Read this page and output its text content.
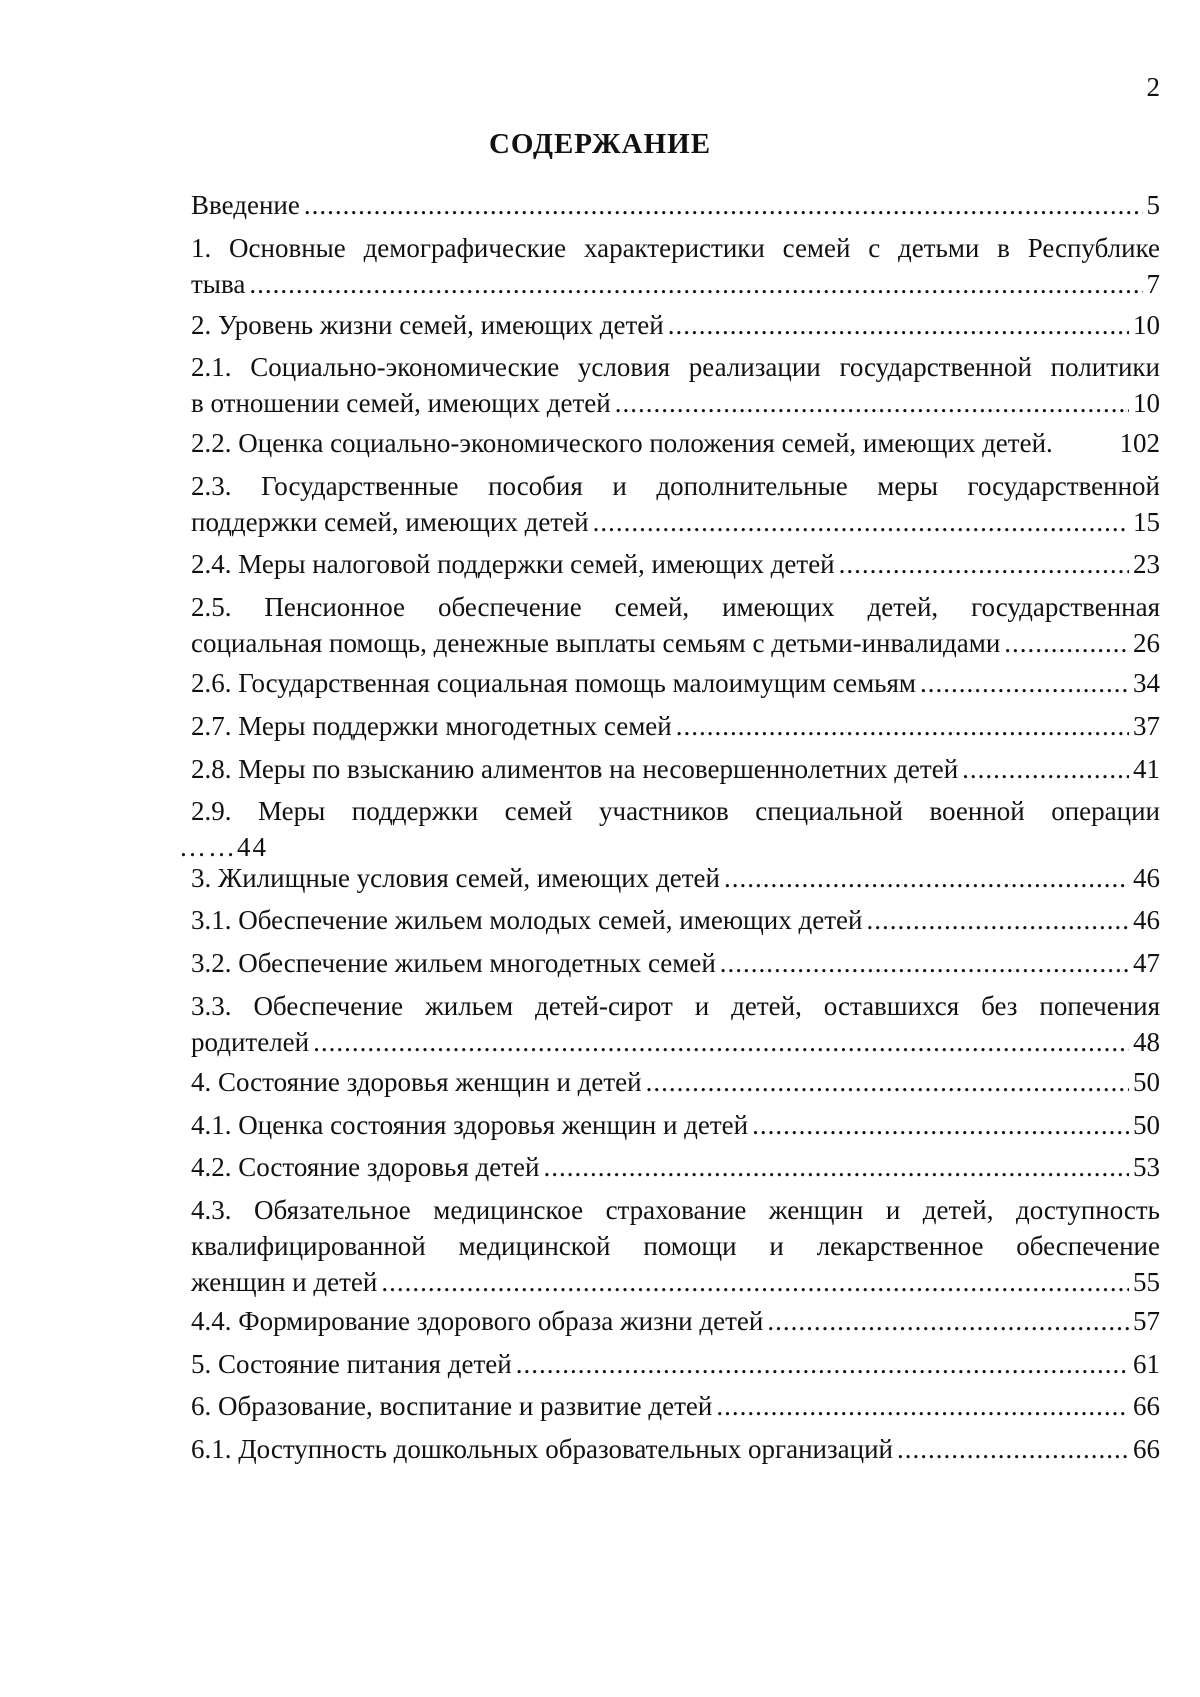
2
СОДЕРЖАНИЕ
Введение .....	5
1. Основные демографические характеристики семей с детьми в Республике
тыва .....	7
2. Уровень жизни семей, имеющих детей .....	10
2.1. Социально-экономические условия реализации государственной политики
в отношении семей, имеющих детей .....	10
2.2. Оценка социально-экономического положения семей, имеющих детей. 102
2.3. Государственные пособия и дополнительные меры государственной
поддержки семей, имеющих детей .....	15
2.4. Меры налоговой поддержки семей, имеющих детей .....	23
2.5. Пенсионное обеспечение семей, имеющих детей, государственная
социальная помощь, денежные выплаты семьям с детьми-инвалидами .....	26
2.6. Государственная социальная помощь малоимущим семьям .....	34
2.7. Меры поддержки многодетных семей .....	37
2.8. Меры по взысканию алиментов на несовершеннолетних детей .....	41
2.9. Меры поддержки семей участников специальной военной операции
……44
3. Жилищные условия семей, имеющих детей .....	46
3.1. Обеспечение жильем молодых семей, имеющих детей .....	46
3.2. Обеспечение жильем многодетных семей .....	47
3.3. Обеспечение жильем детей-сирот и детей, оставшихся без попечения
родителей .....	48
4. Состояние здоровья женщин и детей .....	50
4.1. Оценка состояния здоровья женщин и детей .....	50
4.2. Состояние здоровья детей .....	53
4.3. Обязательное медицинское страхование женщин и детей, доступность
квалифицированной медицинской помощи и лекарственное обеспечение
женщин и детей .....	55
4.4. Формирование здорового образа жизни детей .....	57
5. Состояние питания детей .....	61
6. Образование, воспитание и развитие детей .....	66
6.1. Доступность дошкольных образовательных организаций .....	66
